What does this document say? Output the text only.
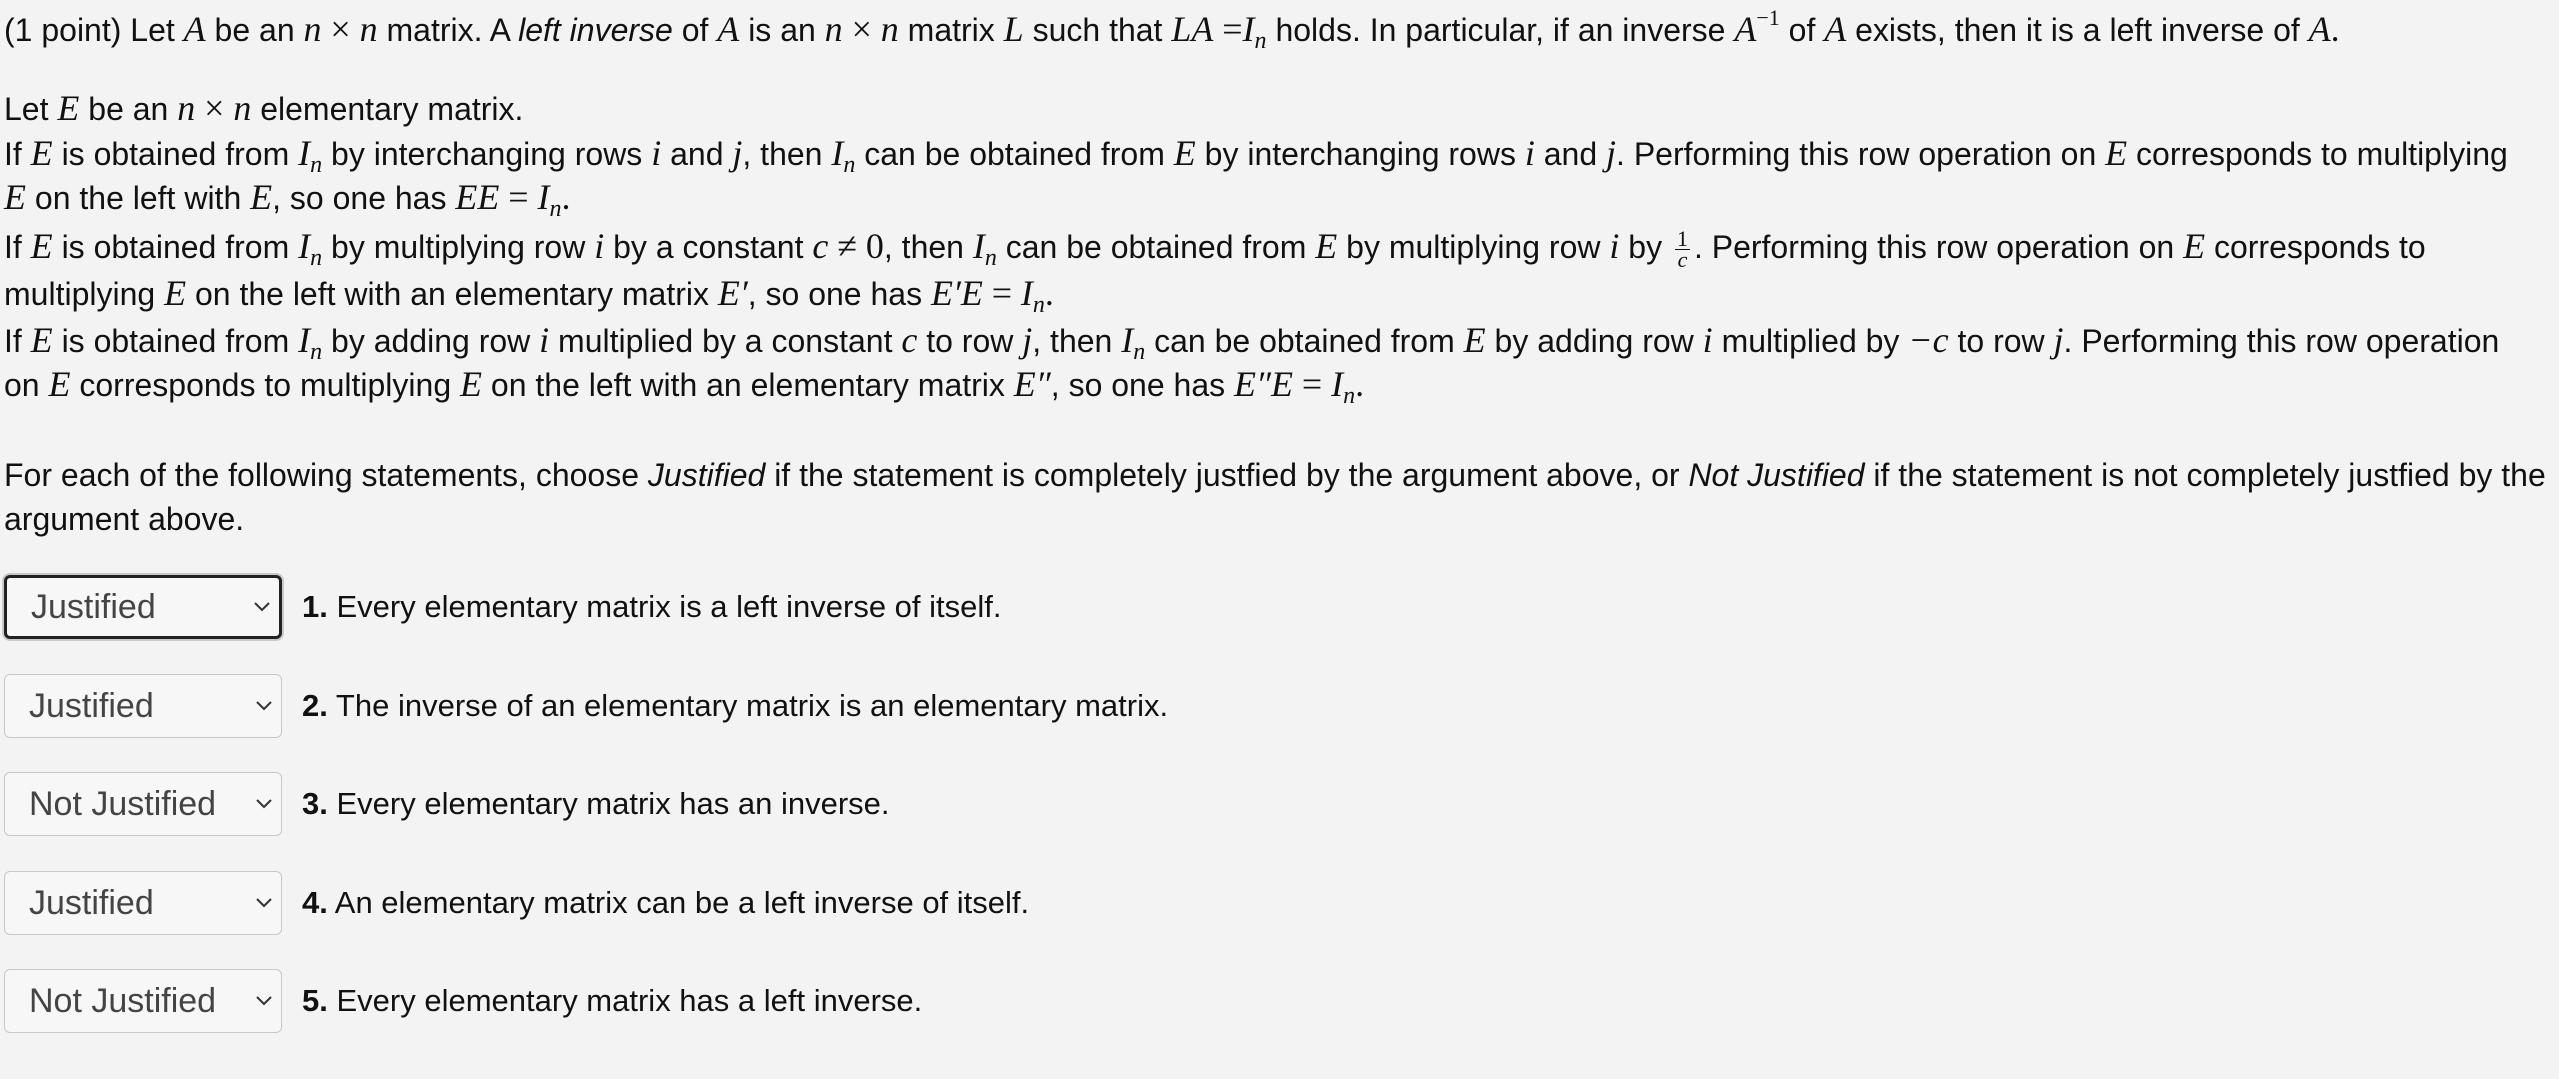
(1 point) Let A be an n × n matrix. A left inverse of A is an n × n matrix L such that LA $=I_n$ holds. In particular, if an inverse $A^{-1}$ of A exists, then it is a left inverse of A.
Let E be an n × n elementary matrix.
If E is obtained from $I_n$ by interchanging rows i and j, then $I_n$ can be obtained from E by interchanging rows i and j. Performing this row operation on E corresponds to multiplying
E on the left with E, so one has EE = $I_n$.
If E is obtained from $I_n$ by multiplying row i by a constant c ≠ 0, then $I_n$ can be obtained from E by multiplying row i by $\frac{1}{c}$ . Performing this row operation on E corresponds to
multiplying E on the left with an elementary matrix E′, so one has $E'E = I_n$.
If E is obtained from $I_n$ by adding row i multiplied by a constant c to row j, then $I_n$ can be obtained from E by adding row i multiplied by −c to row j. Performing this row operation
on E corresponds to multiplying E on the left with an elementary matrix E″, so one has $E''E = I_n$.
For each of the following statements, choose Justified if the statement is completely justfied by the argument above, or Not Justified if the statement is not completely justfied by the
argument above.
Justified	1. Every elementary matrix is a left inverse of itself.
Justified	2. The inverse of an elementary matrix is an elementary matrix.
Not Justified	3. Every elementary matrix has an inverse.
Justified	4. An elementary matrix can be a left inverse of itself.
Not Justified	5. Every elementary matrix has a left inverse.
